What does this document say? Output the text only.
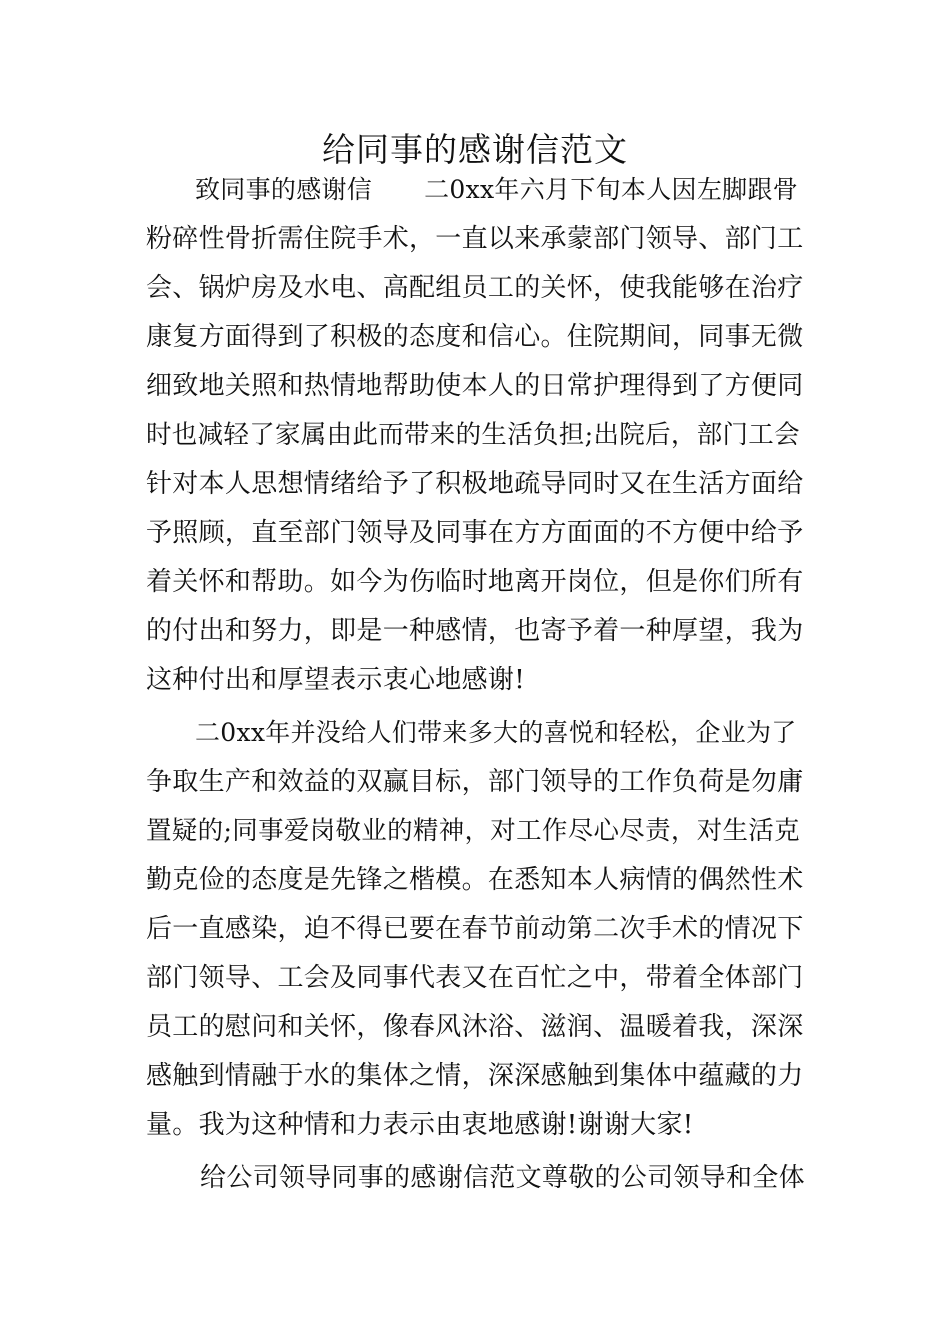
给同事的感谢信范文
致同事的感谢信 二0xx年六月下旬本人因左脚跟骨
粉碎性骨折需住院手术，一直以来承蒙部门领导、部门工
会、锅炉房及水电、高配组员工的关怀，使我能够在治疗
康复方面得到了积极的态度和信心。住院期间，同事无微
细致地关照和热情地帮助使本人的日常护理得到了方便同
时也减轻了家属由此而带来的生活负担;出院后，部门工会
针对本人思想情绪给予了积极地疏导同时又在生活方面给
予照顾，直至部门领导及同事在方方面面的不方便中给予
着关怀和帮助。如今为伤临时地离开岗位，但是你们所有
的付出和努力，即是一种感情，也寄予着一种厚望，我为
这种付出和厚望表示衷心地感谢!
二0xx年并没给人们带来多大的喜悦和轻松，企业为了
争取生产和效益的双赢目标，部门领导的工作负荷是勿庸
置疑的;同事爱岗敬业的精神，对工作尽心尽责，对生活克
勤克俭的态度是先锋之楷模。在悉知本人病情的偶然性术
后一直感染，迫不得已要在春节前动第二次手术的情况下
部门领导、工会及同事代表又在百忙之中，带着全体部门
员工的慰问和关怀，像春风沐浴、滋润、温暖着我，深深
感触到情融于水的集体之情，深深感触到集体中蕴藏的力
量。我为这种情和力表示由衷地感谢!谢谢大家!
给公司领导同事的感谢信范文尊敬的公司领导和全体
